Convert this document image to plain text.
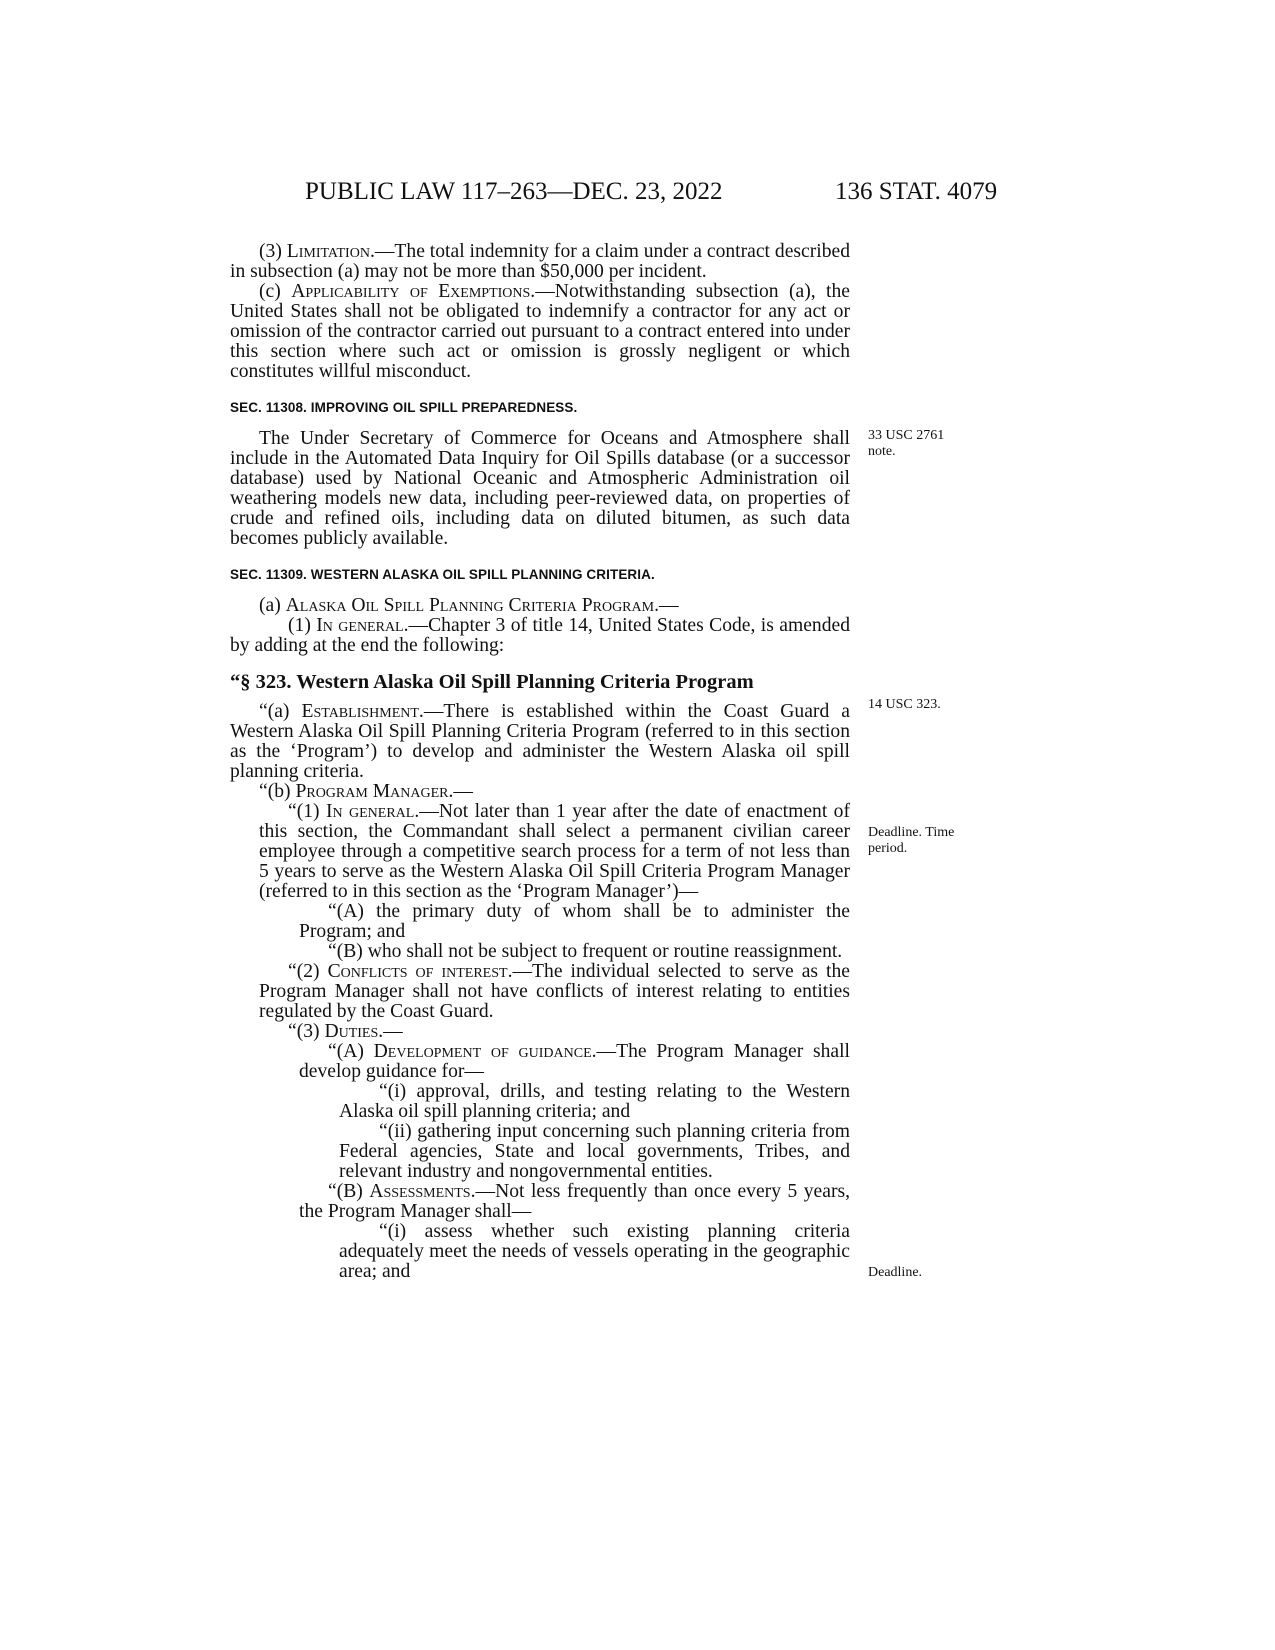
PUBLIC LAW 117–263—DEC. 23, 2022	136 STAT. 4079

(3) Limitation.—The total indemnity for a claim under a contract described in subsection (a) may not be more than $50,000 per incident.

(c) Applicability of Exemptions.—Notwithstanding subsection (a), the United States shall not be obligated to indemnify a contractor for any act or omission of the contractor carried out pursuant to a contract entered into under this section where such act or omission is grossly negligent or which constitutes willful misconduct.

SEC. 11308. IMPROVING OIL SPILL PREPAREDNESS.

The Under Secretary of Commerce for Oceans and Atmosphere shall include in the Automated Data Inquiry for Oil Spills database (or a successor database) used by National Oceanic and Atmospheric Administration oil weathering models new data, including peer-reviewed data, on properties of crude and refined oils, including data on diluted bitumen, as such data becomes publicly available.

SEC. 11309. WESTERN ALASKA OIL SPILL PLANNING CRITERIA.

(a) Alaska Oil Spill Planning Criteria Program.—

(1) In general.—Chapter 3 of title 14, United States Code, is amended by adding at the end the following:

“§ 323. Western Alaska Oil Spill Planning Criteria Program

“(a) Establishment.—There is established within the Coast Guard a Western Alaska Oil Spill Planning Criteria Program (referred to in this section as the ‘Program’) to develop and administer the Western Alaska oil spill planning criteria.

“(b) Program Manager.—

“(1) In general.—Not later than 1 year after the date of enactment of this section, the Commandant shall select a permanent civilian career employee through a competitive search process for a term of not less than 5 years to serve as the Western Alaska Oil Spill Criteria Program Manager (referred to in this section as the ‘Program Manager’)—

“(A) the primary duty of whom shall be to administer the Program; and

“(B) who shall not be subject to frequent or routine reassignment.

“(2) Conflicts of interest.—The individual selected to serve as the Program Manager shall not have conflicts of interest relating to entities regulated by the Coast Guard.

“(3) Duties.—

“(A) Development of guidance.—The Program Manager shall develop guidance for—

“(i) approval, drills, and testing relating to the Western Alaska oil spill planning criteria; and

“(ii) gathering input concerning such planning criteria from Federal agencies, State and local governments, Tribes, and relevant industry and nongovernmental entities.

“(B) Assessments.—Not less frequently than once every 5 years, the Program Manager shall—

“(i) assess whether such existing planning criteria adequately meet the needs of vessels operating in the geographic area; and

33 USC 2761 note.
14 USC 323.
Deadline. Time period.
Deadline.
